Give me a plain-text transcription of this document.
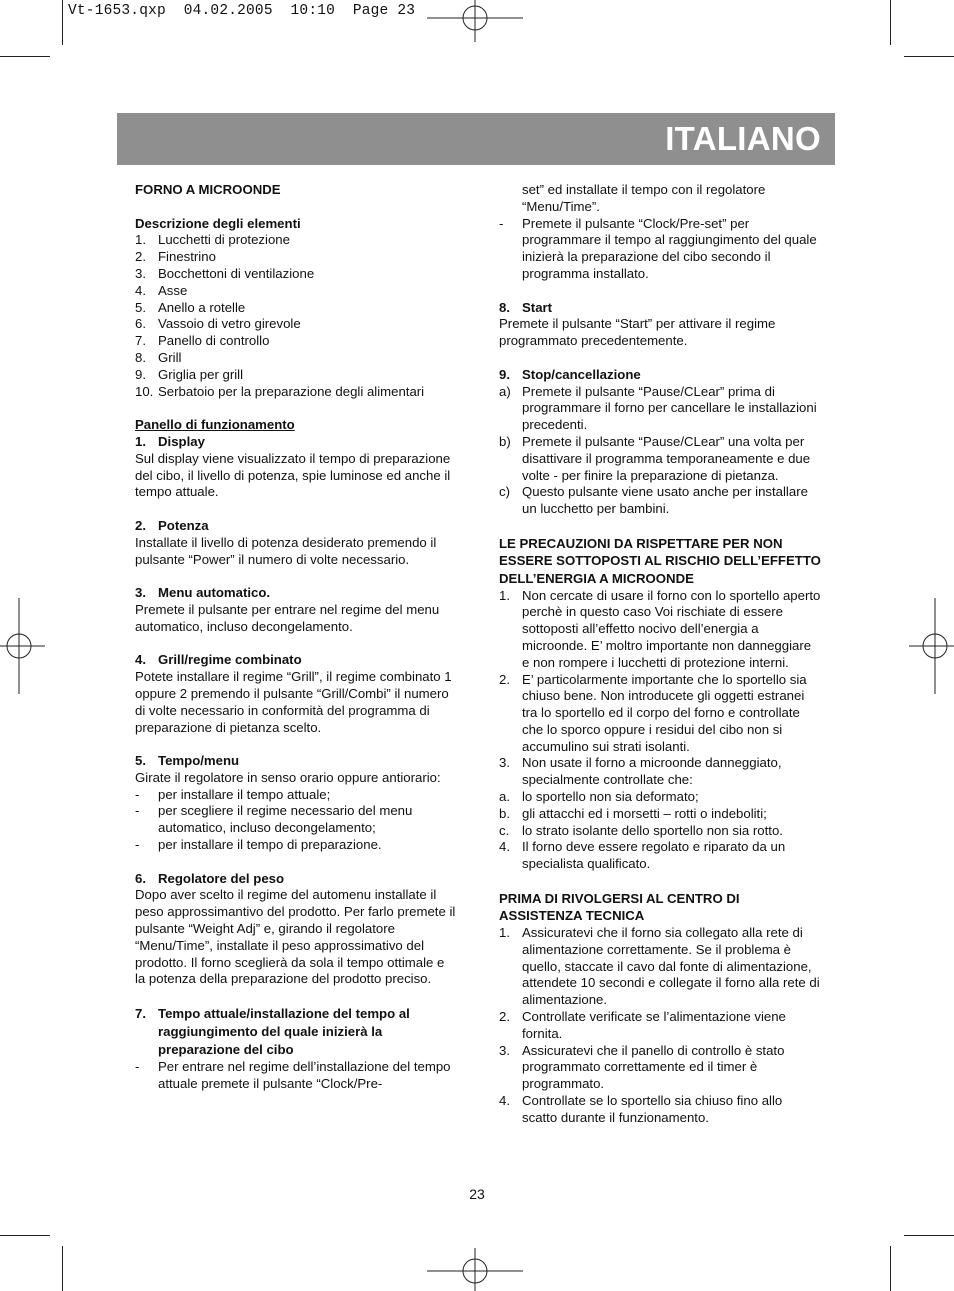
Vt-1653.qxp  04.02.2005  10:10  Page 23
ITALIANO

FORNO A MICROONDE

Descrizione degli elementi

1. Lucchetti di protezione
2. Finestrino
3. Bocchettoni di ventilazione
4. Asse
5. Anello a rotelle
6. Vassoio di vetro girevole
7. Panello di controllo
8. Grill
9. Griglia per grill
10. Serbatoio per la preparazione degli alimentari

Panello di funzionamento

1. Display

Sul display viene visualizzato il tempo di preparazione del cibo, il livello di potenza, spie luminose ed anche il tempo attuale.

2. Potenza

Installate il livello di potenza desiderato premendo il pulsante “Power” il numero di volte necessario.

3. Menu automatico.

Premete il pulsante per entrare nel regime del menu automatico, incluso decongelamento.

4. Grill/regime combinato

Potete installare il regime “Grill”, il regime combinato 1 oppure 2 premendo il pulsante “Grill/Combi” il numero di volte necessario in conformità del programma di preparazione di pietanza scelto.

5. Tempo/menu

Girate il regolatore in senso orario oppure antiorario:

-	per installare il tempo attuale;
-	per scegliere il regime necessario del menu automatico, incluso decongelamento;
-	per installare il tempo di preparazione.
6. Regolatore del peso

Dopo aver scelto il regime del automenu installate il peso approssimantivo del prodotto. Per farlo premete il pulsante “Weight Adj” e, girando il regolatore “Menu/Time”, installate il peso approssimativo del prodotto. Il forno sceglierà da sola il tempo ottimale e la potenza della preparazione del prodotto preciso.

7. Tempo attuale/installazione del tempo al raggiungimento del quale inizierà la preparazione del cibo
-	Per entrare nel regime dell’installazione del tempo attuale premete il pulsante “Clock/Pre-
set” ed installate il tempo con il regolatore “Menu/Time”.
-	Premete il pulsante “Clock/Pre-set” per programmare il tempo al raggiungimento del quale inizierà la preparazione del cibo secondo il programma installato.
8. Start

Premete il pulsante “Start” per attivare il regime programmato precedentemente.

9. Stop/cancellazione
a) Premete il pulsante “Pause/CLear” prima di programmare il forno per cancellare le installazioni precedenti.
b) Premete il pulsante “Pause/CLear” una volta per disattivare il programma temporaneamente e due volte - per finire la preparazione di pietanza.
c) Questo pulsante viene usato anche per installare un lucchetto per bambini.

LE PRECAUZIONI DA RISPETTARE PER NON ESSERE SOTTOPOSTI AL RISCHIO DELL’EFFETTO DELL’ENERGIA A MICROONDE

1. Non cercate di usare il forno con lo sportello aperto perchè in questo caso Voi rischiate di essere sottoposti all’effetto nocivo dell’energia a microonde. E’ moltro importante non danneggiare e non rompere i lucchetti di protezione interni.
2. E’ particolarmente importante che lo sportello sia chiuso bene. Non introducete gli oggetti estranei tra lo sportello ed il corpo del forno e controllate che lo sporco oppure i residui del cibo non si accumulino sui strati isolanti.
3. Non usate il forno a microonde danneggiato, specialmente controllate che:
a. lo sportello non sia deformato;
b. gli attacchi ed i morsetti – rotti o indeboliti;
c. lo strato isolante dello sportello non sia rotto.
4. Il forno deve essere regolato e riparato da un specialista qualificato.

PRIMA DI RIVOLGERSI AL CENTRO DI ASSISTENZA TECNICA

1. Assicuratevi che il forno sia collegato alla rete di alimentazione correttamente. Se il problema è quello, staccate il cavo dal fonte di alimentazione, attendete 10 secondi e collegate il forno alla rete di alimentazione.
2. Controllate verificate se l’alimentazione viene fornita.
3. Assicuratevi che il panello di controllo è stato programmato correttamente ed il timer è programmato.
4. Controllate se lo sportello sia chiuso fino allo scatto durante il funzionamento.
23
